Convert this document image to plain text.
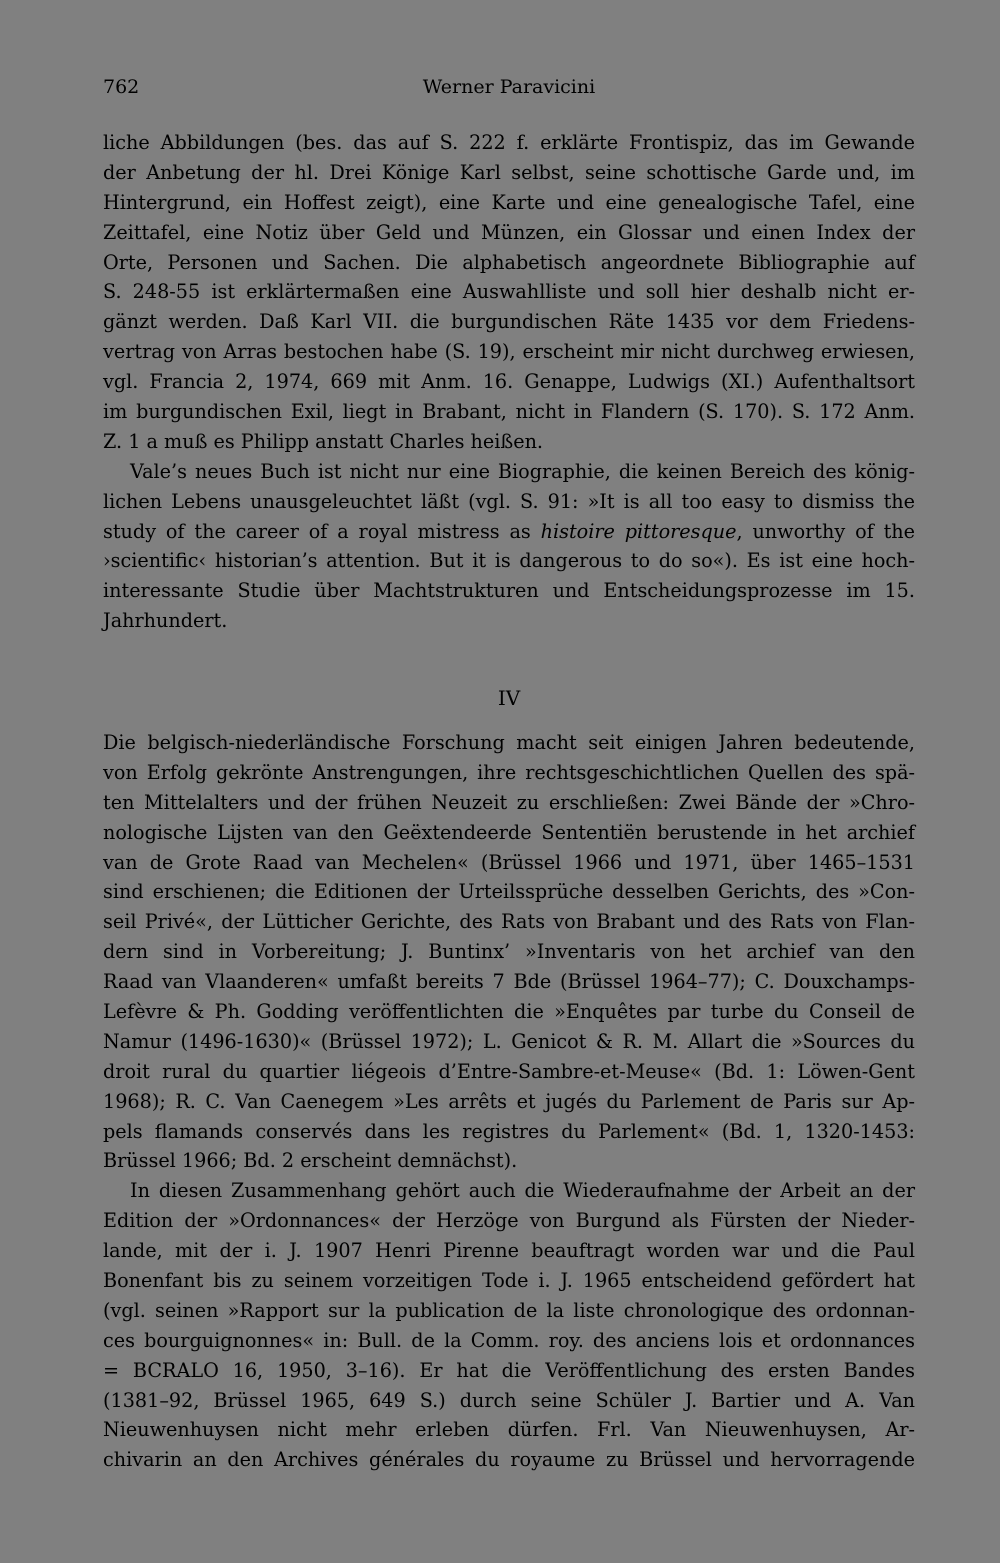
762	Werner Paravicini
liche Abbildungen (bes. das auf S. 222 f. erklärte Frontispiz, das im Gewande
der Anbetung der hl. Drei Könige Karl selbst, seine schottische Garde und, im
Hintergrund, ein Hoffest zeigt), eine Karte und eine genealogische Tafel, eine
Zeittafel, eine Notiz über Geld und Münzen, ein Glossar und einen Index der
Orte, Personen und Sachen. Die alphabetisch angeordnete Bibliographie auf
S. 248-55 ist erklärtermaßen eine Auswahlliste und soll hier deshalb nicht er-
gänzt werden. Daß Karl VII. die burgundischen Räte 1435 vor dem Friedens-
vertrag von Arras bestochen habe (S. 19), erscheint mir nicht durchweg erwiesen,
vgl. Francia 2, 1974, 669 mit Anm. 16. Genappe, Ludwigs (XI.) Aufenthaltsort
im burgundischen Exil, liegt in Brabant, nicht in Flandern (S. 170). S. 172 Anm.
Z. 1 a muß es Philipp anstatt Charles heißen.
Vale’s neues Buch ist nicht nur eine Biographie, die keinen Bereich des könig-
lichen Lebens unausgeleuchtet läßt (vgl. S. 91: »It is all too easy to dismiss the
study of the career of a royal mistress as histoire pittoresque, unworthy of the
›scientific‹ historian’s attention. But it is dangerous to do so«). Es ist eine hoch-
interessante Studie über Machtstrukturen und Entscheidungsprozesse im 15.
Jahrhundert.
IV
Die belgisch-niederländische Forschung macht seit einigen Jahren bedeutende,
von Erfolg gekrönte Anstrengungen, ihre rechtsgeschichtlichen Quellen des spä-
ten Mittelalters und der frühen Neuzeit zu erschließen: Zwei Bände der »Chro-
nologische Lijsten van den Geëxtendeerde Sententiën berustende in het archief
van de Grote Raad van Mechelen« (Brüssel 1966 und 1971, über 1465–1531
sind erschienen; die Editionen der Urteilssprüche desselben Gerichts, des »Con-
seil Privé«, der Lütticher Gerichte, des Rats von Brabant und des Rats von Flan-
dern sind in Vorbereitung; J. Buntinx’ »Inventaris von het archief van den
Raad van Vlaanderen« umfaßt bereits 7 Bde (Brüssel 1964–77); C. Douxchamps-
Lefèvre & Ph. Godding veröffentlichten die »Enquêtes par turbe du Conseil de
Namur (1496-1630)« (Brüssel 1972); L. Genicot & R. M. Allart die »Sources du
droit rural du quartier liégeois d’Entre-Sambre-et-Meuse« (Bd. 1: Löwen-Gent
1968); R. C. Van Caenegem »Les arrêts et jugés du Parlement de Paris sur Ap-
pels flamands conservés dans les registres du Parlement« (Bd. 1, 1320-1453:
Brüssel 1966; Bd. 2 erscheint demnächst).
In diesen Zusammenhang gehört auch die Wiederaufnahme der Arbeit an der
Edition der »Ordonnances« der Herzöge von Burgund als Fürsten der Nieder-
lande, mit der i. J. 1907 Henri Pirenne beauftragt worden war und die Paul
Bonenfant bis zu seinem vorzeitigen Tode i. J. 1965 entscheidend gefördert hat
(vgl. seinen »Rapport sur la publication de la liste chronologique des ordonnan-
ces bourguignonnes« in: Bull. de la Comm. roy. des anciens lois et ordonnances
= BCRALO 16, 1950, 3–16). Er hat die Veröffentlichung des ersten Bandes
(1381–92, Brüssel 1965, 649 S.) durch seine Schüler J. Bartier und A. Van
Nieuwenhuysen nicht mehr erleben dürfen. Frl. Van Nieuwenhuysen, Ar-
chivarin an den Archives générales du royaume zu Brüssel und hervorragende
